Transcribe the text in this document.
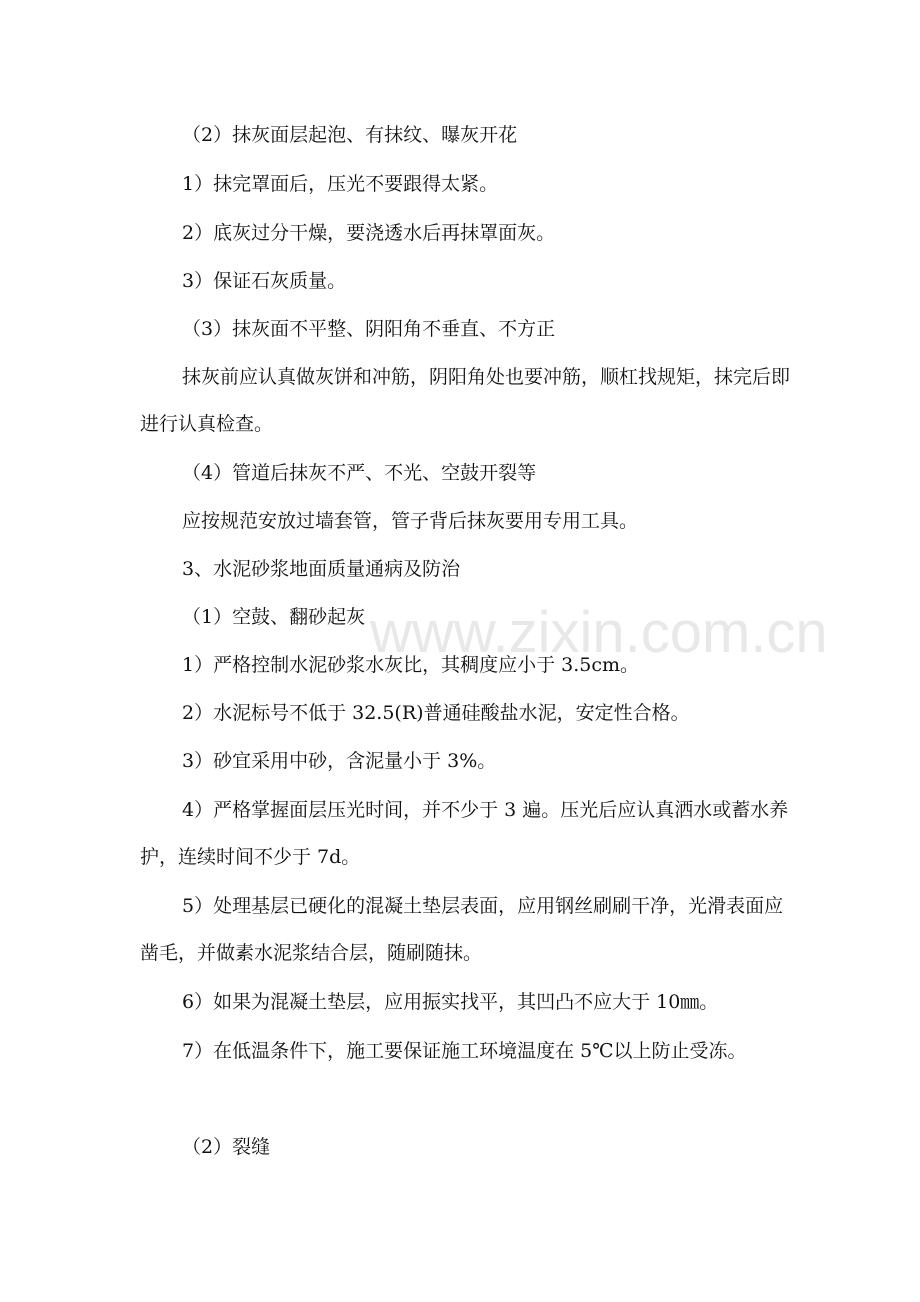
（2）抹灰面层起泡、有抹纹、曝灰开花
1）抹完罩面后，压光不要跟得太紧。
2）底灰过分干燥，要浇透水后再抹罩面灰。
3）保证石灰质量。
（3）抹灰面不平整、阴阳角不垂直、不方正
抹灰前应认真做灰饼和冲筋，阴阳角处也要冲筋，顺杠找规矩，抹完后即进行认真检查。
（4）管道后抹灰不严、不光、空鼓开裂等
应按规范安放过墙套管，管子背后抹灰要用专用工具。
3、水泥砂浆地面质量通病及防治
（1）空鼓、翻砂起灰
1）严格控制水泥砂浆水灰比，其稠度应小于 3.5cm。
2）水泥标号不低于 32.5(R)普通硅酸盐水泥，安定性合格。
3）砂宜采用中砂，含泥量小于 3%。
4）严格掌握面层压光时间，并不少于 3 遍。压光后应认真洒水或蓄水养护，连续时间不少于 7d。
5）处理基层已硬化的混凝土垫层表面，应用钢丝刷刷干净，光滑表面应凿毛，并做素水泥浆结合层，随刷随抹。
6）如果为混凝土垫层，应用振实找平，其凹凸不应大于 10㎜。
7）在低温条件下，施工要保证施工环境温度在 5℃以上防止受冻。
（2）裂缝
www.zixin.com.cn
